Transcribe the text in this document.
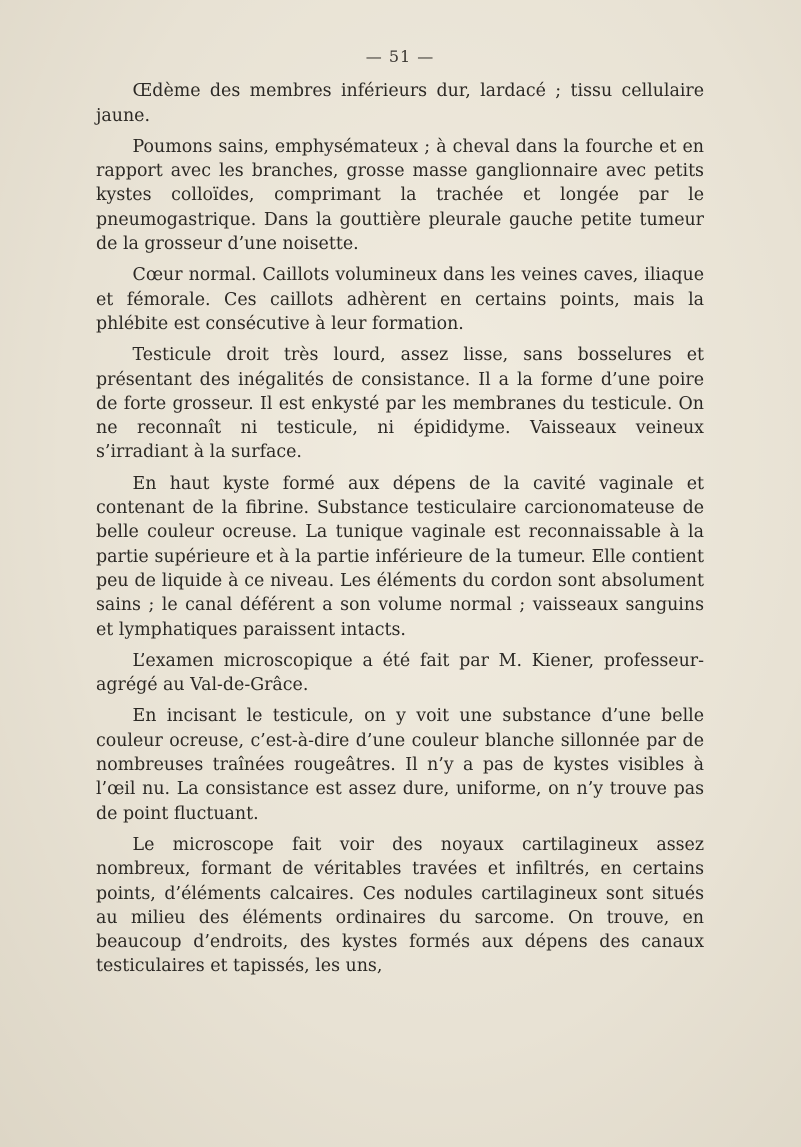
— 51 —

Œdème des membres inférieurs dur, lardacé ; tissu cellulaire jaune.

Poumons sains, emphysémateux ; à cheval dans la fourche et en rapport avec les branches, grosse masse ganglionnaire avec petits kystes colloïdes, comprimant la trachée et longée par le pneumogastrique. Dans la gouttière pleurale gauche petite tumeur de la grosseur d’une noisette.

Cœur normal. Caillots volumineux dans les veines caves, iliaque et fémorale. Ces caillots adhèrent en certains points, mais la phlébite est consécutive à leur formation.

Testicule droit très lourd, assez lisse, sans bosselures et présentant des inégalités de consistance. Il a la forme d’une poire de forte grosseur. Il est enkysté par les membranes du testicule. On ne reconnaît ni testicule, ni épididyme. Vaisseaux veineux s’irradiant à la surface.

En haut kyste formé aux dépens de la cavité vaginale et contenant de la fibrine. Substance testiculaire carcionomateuse de belle couleur ocreuse. La tunique vaginale est reconnaissable à la partie supérieure et à la partie inférieure de la tumeur. Elle contient peu de liquide à ce niveau. Les éléments du cordon sont absolument sains ; le canal déférent a son volume normal ; vaisseaux sanguins et lymphatiques paraissent intacts.

L’examen microscopique a été fait par M. Kiener, professeur-agrégé au Val-de-Grâce.

En incisant le testicule, on y voit une substance d’une belle couleur ocreuse, c’est-à-dire d’une couleur blanche sillonnée par de nombreuses traînées rougeâtres. Il n’y a pas de kystes visibles à l’œil nu. La consistance est assez dure, uniforme, on n’y trouve pas de point fluctuant.

Le microscope fait voir des noyaux cartilagineux assez nombreux, formant de véritables travées et infiltrés, en certains points, d’éléments calcaires. Ces nodules cartilagineux sont situés au milieu des éléments ordinaires du sarcome. On trouve, en beaucoup d’endroits, des kystes formés aux dépens des canaux testiculaires et tapissés, les uns,
